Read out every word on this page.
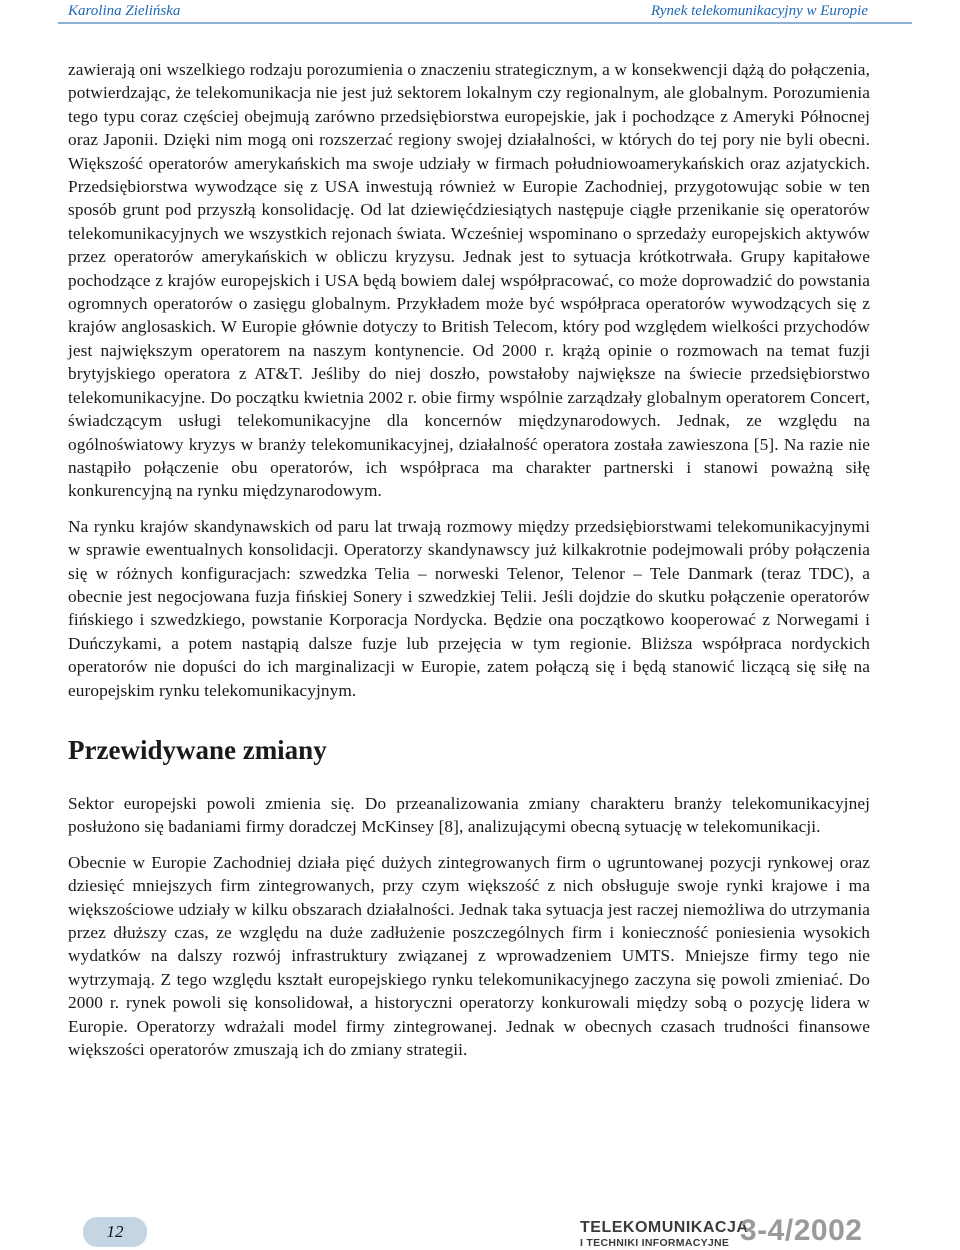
Karolina Zielińska	Rynek telekomunikacyjny w Europie

zawierają oni wszelkiego rodzaju porozumienia o znaczeniu strategicznym, a w konsekwencji dążą do połączenia, potwierdzając, że telekomunikacja nie jest już sektorem lokalnym czy regionalnym, ale globalnym. Porozumienia tego typu coraz częściej obejmują zarówno przedsiębiorstwa europejskie, jak i pochodzące z Ameryki Północnej oraz Japonii. Dzięki nim mogą oni rozszerzać regiony swojej działalności, w których do tej pory nie byli obecni. Większość operatorów amerykańskich ma swoje udziały w firmach południowoamerykańskich oraz azjatyckich. Przedsiębiorstwa wywodzące się z USA inwestują również w Europie Zachodniej, przygotowując sobie w ten sposób grunt pod przyszłą konsolidację. Od lat dziewięćdziesiątych następuje ciągłe przenikanie się operatorów telekomunikacyjnych we wszystkich rejonach świata. Wcześniej wspominano o sprzedaży europejskich aktywów przez operatorów amerykańskich w obliczu kryzysu. Jednak jest to sytuacja krótkotrwała. Grupy kapitałowe pochodzące z krajów europejskich i USA będą bowiem dalej współpracować, co może doprowadzić do powstania ogromnych operatorów o zasięgu globalnym. Przykładem może być współpraca operatorów wywodzących się z krajów anglosaskich. W Europie głównie dotyczy to British Telecom, który pod względem wielkości przychodów jest największym operatorem na naszym kontynencie. Od 2000 r. krążą opinie o rozmowach na temat fuzji brytyjskiego operatora z AT&T. Jeśliby do niej doszło, powstałoby największe na świecie przedsiębiorstwo telekomunikacyjne. Do początku kwietnia 2002 r. obie firmy wspólnie zarządzały globalnym operatorem Concert, świadczącym usługi telekomunikacyjne dla koncernów międzynarodowych. Jednak, ze względu na ogólnoświatowy kryzys w branży telekomunikacyjnej, działalność operatora została zawieszona [5]. Na razie nie nastąpiło połączenie obu operatorów, ich współpraca ma charakter partnerski i stanowi poważną siłę konkurencyjną na rynku międzynarodowym.

Na rynku krajów skandynawskich od paru lat trwają rozmowy między przedsiębiorstwami telekomunikacyjnymi w sprawie ewentualnych konsolidacji. Operatorzy skandynawscy już kilkakrotnie podejmowali próby połączenia się w różnych konfiguracjach: szwedzka Telia – norweski Telenor, Telenor – Tele Danmark (teraz TDC), a obecnie jest negocjowana fuzja fińskiej Sonery i szwedzkiej Telii. Jeśli dojdzie do skutku połączenie operatorów fińskiego i szwedzkiego, powstanie Korporacja Nordycka. Będzie ona początkowo kooperować z Norwegami i Duńczykami, a potem nastąpią dalsze fuzje lub przejęcia w tym regionie. Bliższa współpraca nordyckich operatorów nie dopuści do ich marginalizacji w Europie, zatem połączą się i będą stanowić liczącą się siłę na europejskim rynku telekomunikacyjnym.

Przewidywane zmiany

Sektor europejski powoli zmienia się. Do przeanalizowania zmiany charakteru branży telekomunikacyjnej posłużono się badaniami firmy doradczej McKinsey [8], analizującymi obecną sytuację w telekomunikacji.

Obecnie w Europie Zachodniej działa pięć dużych zintegrowanych firm o ugruntowanej pozycji rynkowej oraz dziesięć mniejszych firm zintegrowanych, przy czym większość z nich obsługuje swoje rynki krajowe i ma większościowe udziały w kilku obszarach działalności. Jednak taka sytuacja jest raczej niemożliwa do utrzymania przez dłuższy czas, ze względu na duże zadłużenie poszczególnych firm i konieczność poniesienia wysokich wydatków na dalszy rozwój infrastruktury związanej z wprowadzeniem UMTS. Mniejsze firmy tego nie wytrzymają. Z tego względu kształt europejskiego rynku telekomunikacyjnego zaczyna się powoli zmieniać. Do 2000 r. rynek powoli się konsolidował, a historyczni operatorzy konkurowali między sobą o pozycję lidera w Europie. Operatorzy wdrażali model firmy zintegrowanej. Jednak w obecnych czasach trudności finansowe większości operatorów zmuszają ich do zmiany strategii.

12	TELEKOMUNIKACJA
I TECHNIKI INFORMACYJNE 3-4/2002
